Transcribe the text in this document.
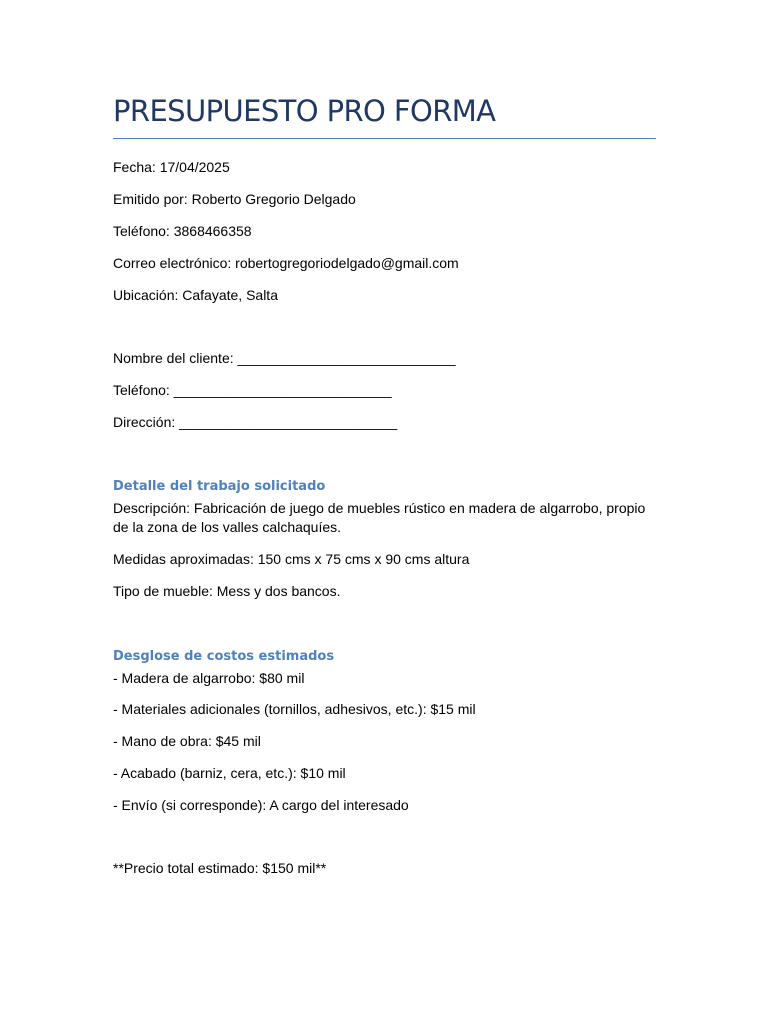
PRESUPUESTO PRO FORMA
Fecha: 17/04/2025
Emitido por: Roberto Gregorio Delgado
Teléfono: 3868466358
Correo electrónico: robertogregoriodelgado@gmail.com
Ubicación: Cafayate, Salta
Nombre del cliente: ____________________________
Teléfono: ____________________________
Dirección: ____________________________
Detalle del trabajo solicitado
Descripción: Fabricación de juego de muebles rústico en madera de algarrobo, propio de la zona de los valles calchaquíes.
Medidas aproximadas: 150 cms x 75 cms x 90 cms altura
Tipo de mueble: Mess y dos bancos.
Desglose de costos estimados
- Madera de algarrobo: $80 mil
- Materiales adicionales (tornillos, adhesivos, etc.): $15 mil
- Mano de obra: $45 mil
- Acabado (barniz, cera, etc.): $10 mil
- Envío (si corresponde): A cargo del interesado
**Precio total estimado: $150 mil**
